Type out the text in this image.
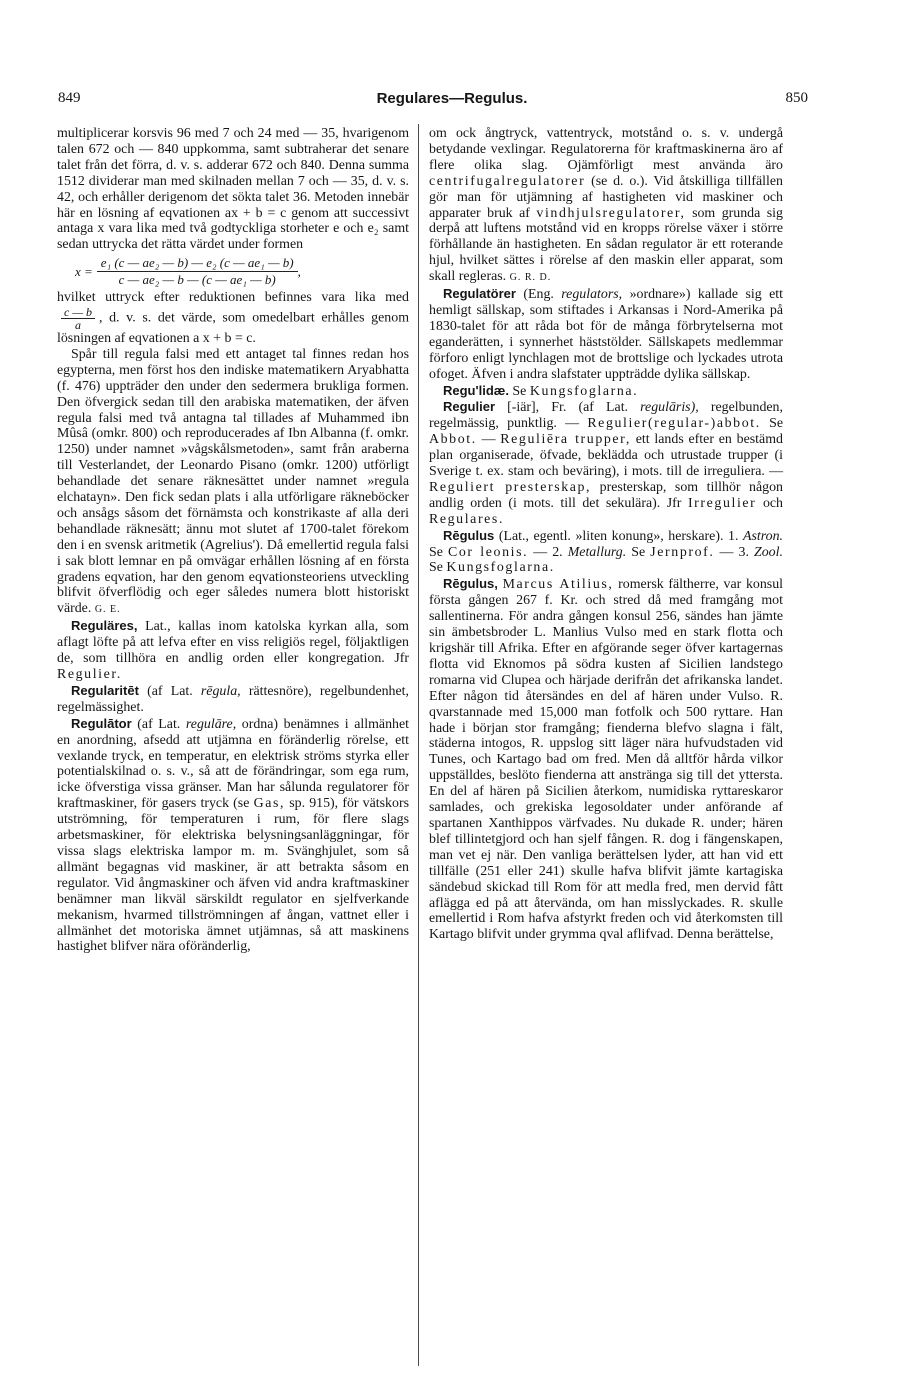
849	Regulares—Regulus.	850

multiplicerar korsvis 96 med 7 och 24 med — 35, hvarigenom talen 672 och — 840 uppkomma, samt subtraherar det senare talet från det förra, d. v. s. adderar 672 och 840. Denna summa 1512 dividerar man med skilnaden mellan 7 och — 35, d. v. s. 42, och erhåller derigenom det sökta talet 36. Metoden innebär här en lösning af eqvationen ax + b = c genom att successivt antaga x vara lika med två godtyckliga storheter e och e₂ samt sedan uttrycka det rätta värdet under formen

$x = \frac{\text{e₁ (c — ae₂ — b) — e₂ (c — ae₁ — b)}}{\text{c — ae₂ — b — (c — ae₁ — b)}}$ ,

hvilket uttryck efter reduktionen befinnes vara lika med
$\frac{c — b}{a}$ , d. v. s. det värde, som omedelbart erhålles genom lösningen af eqvationen a x + b = c.

Spår till regula falsi med ett antaget tal finnes redan hos egypterna, men först hos den indiske matematikern Aryabhatta (f. 476) uppträder den under den sedermera brukliga formen. Den öfvergick sedan till den arabiska matematiken, der äfven regula falsi med två antagna tal tillades af Muhammed ibn Mûsâ (omkr. 800) och reproducerades af Ibn Albanna (f. omkr. 1250) under namnet »vågskålsmetoden», samt från araberna till Vesterlandet, der Leonardo Pisano (omkr. 1200) utförligt behandlade det senare räknesättet under namnet »regula elchatayn». Den fick sedan plats i alla utförligare räkneböcker och ansågs såsom det förnämsta och konstrikaste af alla deri behandlade räknesätt; ännu mot slutet af 1700-talet förekom den i en svensk aritmetik (Agrelius'). Då emellertid regula falsi i sak blott lemnar en på omvägar erhållen lösning af en första gradens eqvation, har den genom eqvationsteoriens utveckling blifvit öfverflödig och eger således numera blott historiskt värde. G. E.

Reguläres, Lat., kallas inom katolska kyrkan alla, som aflagt löfte på att lefva efter en viss religiös regel, följaktligen de, som tillhöra en andlig orden eller kongregation. Jfr Regulier.

Regularitēt (af Lat. rēgula, rättesnöre), regelbundenhet, regelmässighet.

Regulātor (af Lat. regulāre, ordna) benämnes i allmänhet en anordning, afsedd att utjämna en föränderlig rörelse, ett vexlande tryck, en temperatur, en elektrisk ströms styrka eller potentialskilnad o. s. v., så att de förändringar, som ega rum, icke öfverstiga vissa gränser. Man har sålunda regulatorer för kraftmaskiner, för gasers tryck (se Gas, sp. 915), för vätskors utströmning, för temperaturen i rum, för flere slags arbetsmaskiner, för elektriska belysningsanläggningar, för vissa slags elektriska lampor m. m. Svänghjulet, som så allmänt begagnas vid maskiner, är att betrakta såsom en regulator. Vid ångmaskiner och äfven vid andra kraftmaskiner benämner man likväl särskildt regulator en sjelfverkande mekanism, hvarmed tillströmningen af ångan, vattnet eller i allmänhet det motoriska ämnet utjämnas, så att maskinens hastighet blifver nära oföränderlig,

om ock ångtryck, vattentryck, motstånd o. s. v. undergå betydande vexlingar. Regulatorerna för kraftmaskinerna äro af flere olika slag. Ojämförligt mest använda äro centrifugalregulatorer (se d. o.). Vid åtskilliga tillfällen gör man för utjämning af hastigheten vid maskiner och apparater bruk af vindhjulsregulatorer, som grunda sig derpå att luftens motstånd vid en kropps rörelse växer i större förhållande än hastigheten. En sådan regulator är ett roterande hjul, hvilket sättes i rörelse af den maskin eller apparat, som skall regleras. G. R. D.

Regulatörer (Eng. regulators, »ordnare») kallade sig ett hemligt sällskap, som stiftades i Arkansas i Nord-Amerika på 1830-talet för att råda bot för de många förbrytelserna mot eganderätten, i synnerhet häststölder. Sällskapets medlemmar förforo enligt lynchlagen mot de brottslige och lyckades utrota ofoget. Äfven i andra slafstater uppträdde dylika sällskap.

Regu'lidæ. Se Kungsfoglarna.

Regulier [-iär], Fr. (af Lat. regulāris), regelbunden, regelmässig, punktlig. — Regulier(regular-)abbot. Se Abbot. — Reguliēra trupper, ett lands efter en bestämd plan organiserade, öfvade, beklädda och utrustade trupper (i Sverige t. ex. stam och beväring), i mots. till de irreguliera. — Reguliert presterskap, presterskap, som tillhör någon andlig orden (i mots. till det sekulära). Jfr Irregulier och Regulares.

Rēgulus (Lat., egentl. »liten konung», herskare). 1. Astron. Se Cor leonis. — 2. Metallurg. Se Jernprof. — 3. Zool. Se Kungsfoglarna.

Rēgulus, Marcus Atilius, romersk fältherre, var konsul första gången 267 f. Kr. och stred då med framgång mot sallentinerna. För andra gången konsul 256, sändes han jämte sin ämbetsbroder L. Manlius Vulso med en stark flotta och krigshär till Afrika. Efter en afgörande seger öfver kartagernas flotta vid Eknomos på södra kusten af Sicilien landstego romarna vid Clupea och härjade derifrån det afrikanska landet. Efter någon tid återsändes en del af hären under Vulso. R. qvarstannade med 15,000 man fotfolk och 500 ryttare. Han hade i början stor framgång; fienderna blefvo slagna i fält, städerna intogos, R. uppslog sitt läger nära hufvudstaden vid Tunes, och Kartago bad om fred. Men då alltför hårda vilkor uppställdes, beslöto fienderna att anstränga sig till det yttersta. En del af hären på Sicilien återkom, numidiska ryttareskaror samlades, och grekiska legosoldater under anförande af spartanen Xanthippos värfvades. Nu dukade R. under; hären blef tillintetgjord och han sjelf fången. R. dog i fängenskapen, man vet ej när. Den vanliga berättelsen lyder, att han vid ett tillfälle (251 eller 241) skulle hafva blifvit jämte kartagiska sändebud skickad till Rom för att medla fred, men dervid fått aflägga ed på att återvända, om han misslyckades. R. skulle emellertid i Rom hafva afstyrkt freden och vid återkomsten till Kartago blifvit under grymma qval aflifvad. Denna berättelse,
